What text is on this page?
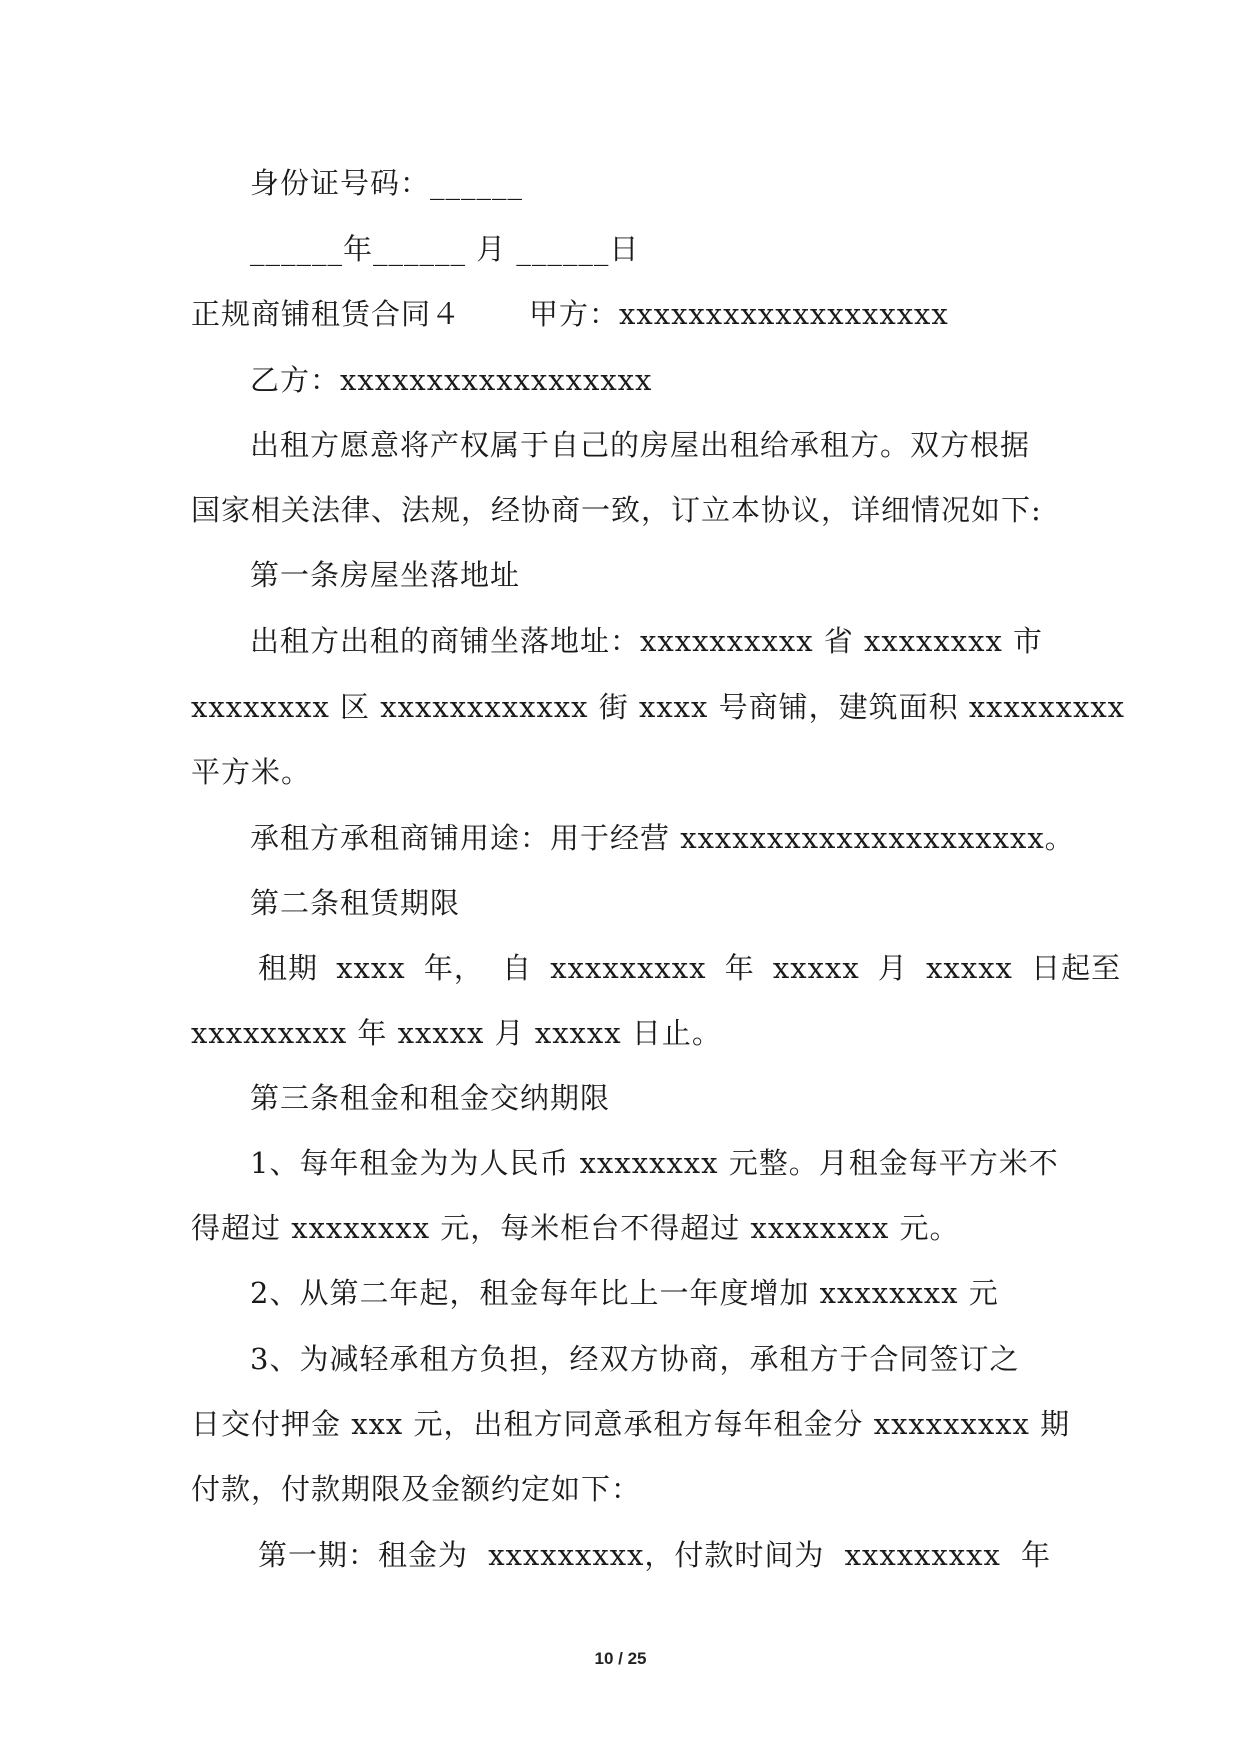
身份证号码：______
______年______ 月 ______日
正规商铺租赁合同４ 甲方：xxxxxxxxxxxxxxxxxxx
乙方：xxxxxxxxxxxxxxxxxx
出租方愿意将产权属于自己的房屋出租给承租方。双方根据
国家相关法律、法规，经协商一致，订立本协议，详细情况如下:
第一条房屋坐落地址
出租方出租的商铺坐落地址：xxxxxxxxxx 省 xxxxxxxx 市
xxxxxxxx 区 xxxxxxxxxxxx 街 xxxx 号商铺，建筑面积 xxxxxxxxx
平方米。
承租方承租商铺用途：用于经营 xxxxxxxxxxxxxxxxxxxxx。
第二条租赁期限
租期 xxxx 年， 自 xxxxxxxxx 年 xxxxx 月 xxxxx 日起至
xxxxxxxxx 年 xxxxx 月 xxxxx 日止。
第三条租金和租金交纳期限
1、每年租金为为人民币 xxxxxxxx 元整。月租金每平方米不
得超过 xxxxxxxx 元，每米柜台不得超过 xxxxxxxx 元。
2、从第二年起，租金每年比上一年度增加 xxxxxxxx 元
3、为减轻承租方负担，经双方协商，承租方于合同签订之
日交付押金 xxx 元，出租方同意承租方每年租金分 xxxxxxxxx 期
付款，付款期限及金额约定如下：
第一期：租金为 xxxxxxxxx，付款时间为 xxxxxxxxx 年
10 / 25
